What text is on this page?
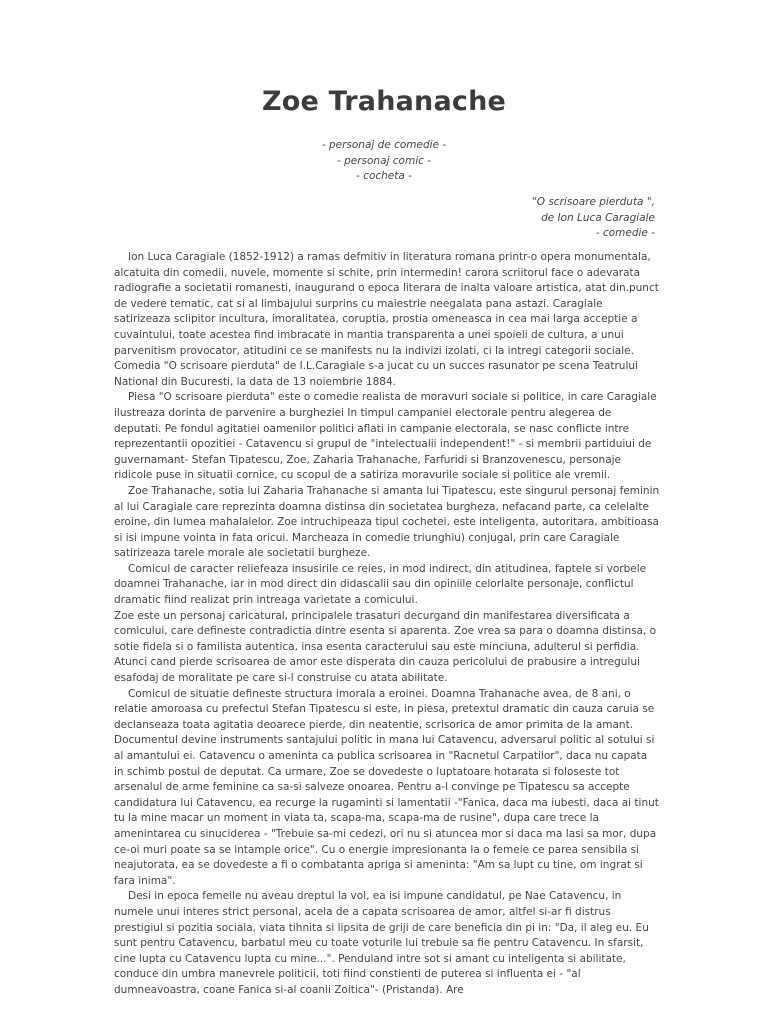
Zoe Trahanache
- personaj de comedie -
- personaj comic -
- cocheta -
"O scrisoare pierduta ",
de Ion Luca Caragiale
- comedie -

Ion Luca Caragiale (1852-1912) a ramas defmitiv in literatura romana printr-o opera monumentala, alcatuita din comedii, nuvele, momente si schite, prin intermedin! carora scriitorul face o adevarata radiografie a societatii romanesti, inaugurand o epoca literara de inalta valoare artistica, atat din.punct de vedere tematic, cat si al limbajului surprins cu maiestrie neegalata pana astazi. Caragiale satirizeaza sclipitor incultura, imoralitatea, coruptia, prostia omeneasca in cea mai larga acceptie a cuvaintului, toate acestea find imbracate in mantia transparenta a unei spoieli de cultura, a unui parvenitism provocator, atitudini ce se manifests nu la indivizi izolati, ci la intregi categorii sociale.

Comedia "O scrisoare pierduta" de I.L.Caragiale s-a jucat cu un succes rasunator pe scena Teatrului National din Bucuresti, la data de 13 noiembrie 1884.

Piesa "O scrisoare pierduta" este o comedie realista de moravuri sociale si politice, in care Caragiale ilustreaza dorinta de parvenire a burgheziei In timpul campaniei electorale pentru alegerea de deputati. Pe fondul agitatiei oamenilor politici aflati in campanie electorala, se nasc conflicte intre reprezentantii opozitiei - Catavencu si grupul de "intelectualii independent!" - si membrii partiduiui de guvernamant- Stefan Tipatescu, Zoe, Zaharia Trahanache, Farfuridi si Branzovenescu, personaje ridicole puse in situatii cornice, cu scopul de a satiriza moravurile sociale si politice ale vremii.

Zoe Trahanache, sotia lui Zaharia Trahanache si amanta lui Tipatescu, este singurul personaj feminin al lui Caragiale care reprezinta doamna distinsa din societatea burgheza, nefacand parte, ca celelalte eroine, din lumea mahalalelor. Zoe intruchipeaza tipul cochetei, este inteligenta, autoritara, ambitioasa si isi impune vointa in fata oricui. Marcheaza in comedie triunghiu) conjugal, prin care Caragiale satirizeaza tarele morale ale societatii burgheze.

Comicul de caracter reliefeaza insusirile ce reies, in mod indirect, din atitudinea, faptele si vorbele doamnei Trahanache, iar in mod direct din didascalii sau din opiniile celorlalte personaje, conflictul dramatic fiind realizat prin intreaga varietate a comicului.

Zoe este un personaj caricatural, principalele trasaturi decurgand din manifestarea diversificata a comicului, care defineste contradictia dintre esenta si aparenta. Zoe vrea sa para o doamna distinsa, o sotie fidela si o familista autentica, insa esenta caracterului sau este minciuna, adulterul si perfidia. Atunci cand pierde scrisoarea de amor este disperata din cauza pericolului de prabusire a intregului esafodaj de moralitate pe care si-l construise cu atata abilitate.

Comicul de situatie defineste structura imorala a eroinei. Doamna Trahanache avea, de 8 ani, o relatie amoroasa cu prefectul Stefan Tipatescu si este, in piesa, pretextul dramatic din cauza caruia se declanseaza toata agitatia deoarece pierde, din neatentie, scrisorica de amor primita de la amant. Documentul devine instruments santajului politic in mana lui Catavencu, adversarul politic al sotului si al amantului ei. Catavencu o ameninta ca publica scrisoarea in "Racnetul Carpatilor", daca nu capata in schimb postul de deputat. Ca urmare, Zoe se dovedeste o luptatoare hotarata si foloseste tot arsenalul de arme feminine ca sa-si salveze onoarea. Pentru a-l convinge pe Tipatescu sa accepte candidatura lui Catavencu, ea recurge la rugaminti si lamentatii -"Fanica, daca ma iubesti, daca ai tinut tu la mine macar un moment in viata ta, scapa-ma, scapa-ma de rusine", dupa care trece la amenintarea cu sinuciderea - "Trebuie sa-mi cedezi, ori nu si atuncea mor si daca ma lasi sa mor, dupa ce-oi muri poate sa se intample orice". Cu o energie impresionanta la o femeie ce parea sensibila si neajutorata, ea se dovedeste a fi o combatanta apriga si ameninta: "Am sa lupt cu tine, om ingrat si fara inima".

Desi in epoca femeile nu aveau dreptul la vol, ea isi impune candidatul, pe Nae Catavencu, in numele unui interes strict personal, acela de a capata scrisoarea de amor, altfel si-ar fi distrus prestigiul si pozitia sociala, viata tihnita si lipsita de griji de care beneficia din pi in: "Da, il aleg eu. Eu sunt pentru Catavencu, barbatul meu cu toate voturile lui trebuie sa fie pentru Catavencu. In sfarsit, cine lupta cu Catavencu lupta cu mine...". Penduland intre sot si amant cu inteligenta si abilitate, conduce din umbra manevrele politicii, toti fiind constienti de puterea si influenta ei - "al dumneavoastra, coane Fanica si-al coanii Zoitica"- (Pristanda). Are
